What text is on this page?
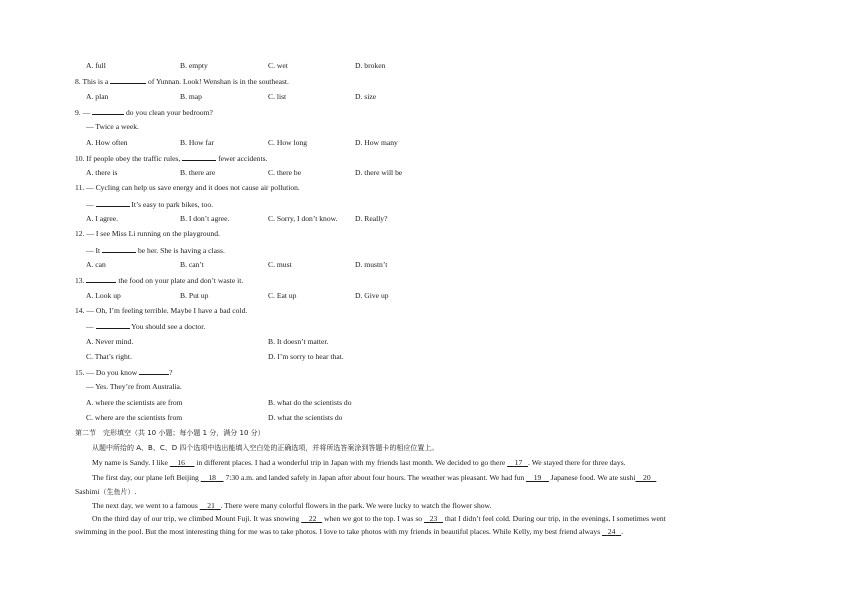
A. full	B. empty	C. wet	D. broken
8. This is a	of Yunnan. Look! Wenshan is in the southeast.
A. plan	B. map	C. list	D. size
9. —	do you clean your bedroom?
— Twice a week.
A. How often	B. How far	C. How long	D. How many
10. If people obey the traffic rules,	fewer accidents.
A. there is	B. there are	C. there be	D. there will be
11. — Cycling can help us save energy and it does not cause air pollution.
—	It’s easy to park bikes, too.
A. I agree.	B. I don’t agree.	C. Sorry, I don’t know. D. Really?
12. — I see Miss Li running on the playground.
— It	be her. She is having a class.
A. can	B. can’t	C. must	D. mustn’t
13.	the food on your plate and don’t waste it.
A. Look up	B. Put up	C. Eat up	D. Give up
14. — Oh, I’m feeling terrible. Maybe I have a bad cold.
—	You should see a doctor.
A. Never mind.	B. It doesn’t matter.
C. That’s right.	D. I’m sorry to hear that.
15. — Do you know	?
— Yes. They’re from Australia.
A. where the scientists are from	B. what do the scientists do
C. where are the scientists from	D. what the scientists do
第二节　完形填空（共 10 小题；每小题 1 分，满分 10 分）
从题中所给的 A、B、C、D 四个选项中选出能填入空白处的正确选项，并将所选答案涂到答题卡的相应位置上。
My name is Sandy. I like 16 in different places. I had a wonderful trip in Japan with my friends last month. We decided to go there 17 . We stayed there for three days.
The first day, our plane left Beijing 18 7:30 a.m. and landed safely in Japan after about four hours. The weather was pleasant. We had fun 19 Japanese food. We ate sushi 20
Sashimi（生鱼片）.
The next day, we went to a famous 21 . There were many colorful flowers in the park. We were lucky to watch the flower show.
On the third day of our trip, we climbed Mount Fuji. It was snowing 22 when we got to the top. I was so 23 that I didn’t feel cold. During our trip, in the evenings, I sometimes went
swimming in the pool. But the most interesting thing for me was to take photos. I love to take photos with my friends in beautiful places. While Kelly, my best friend always 24 .
